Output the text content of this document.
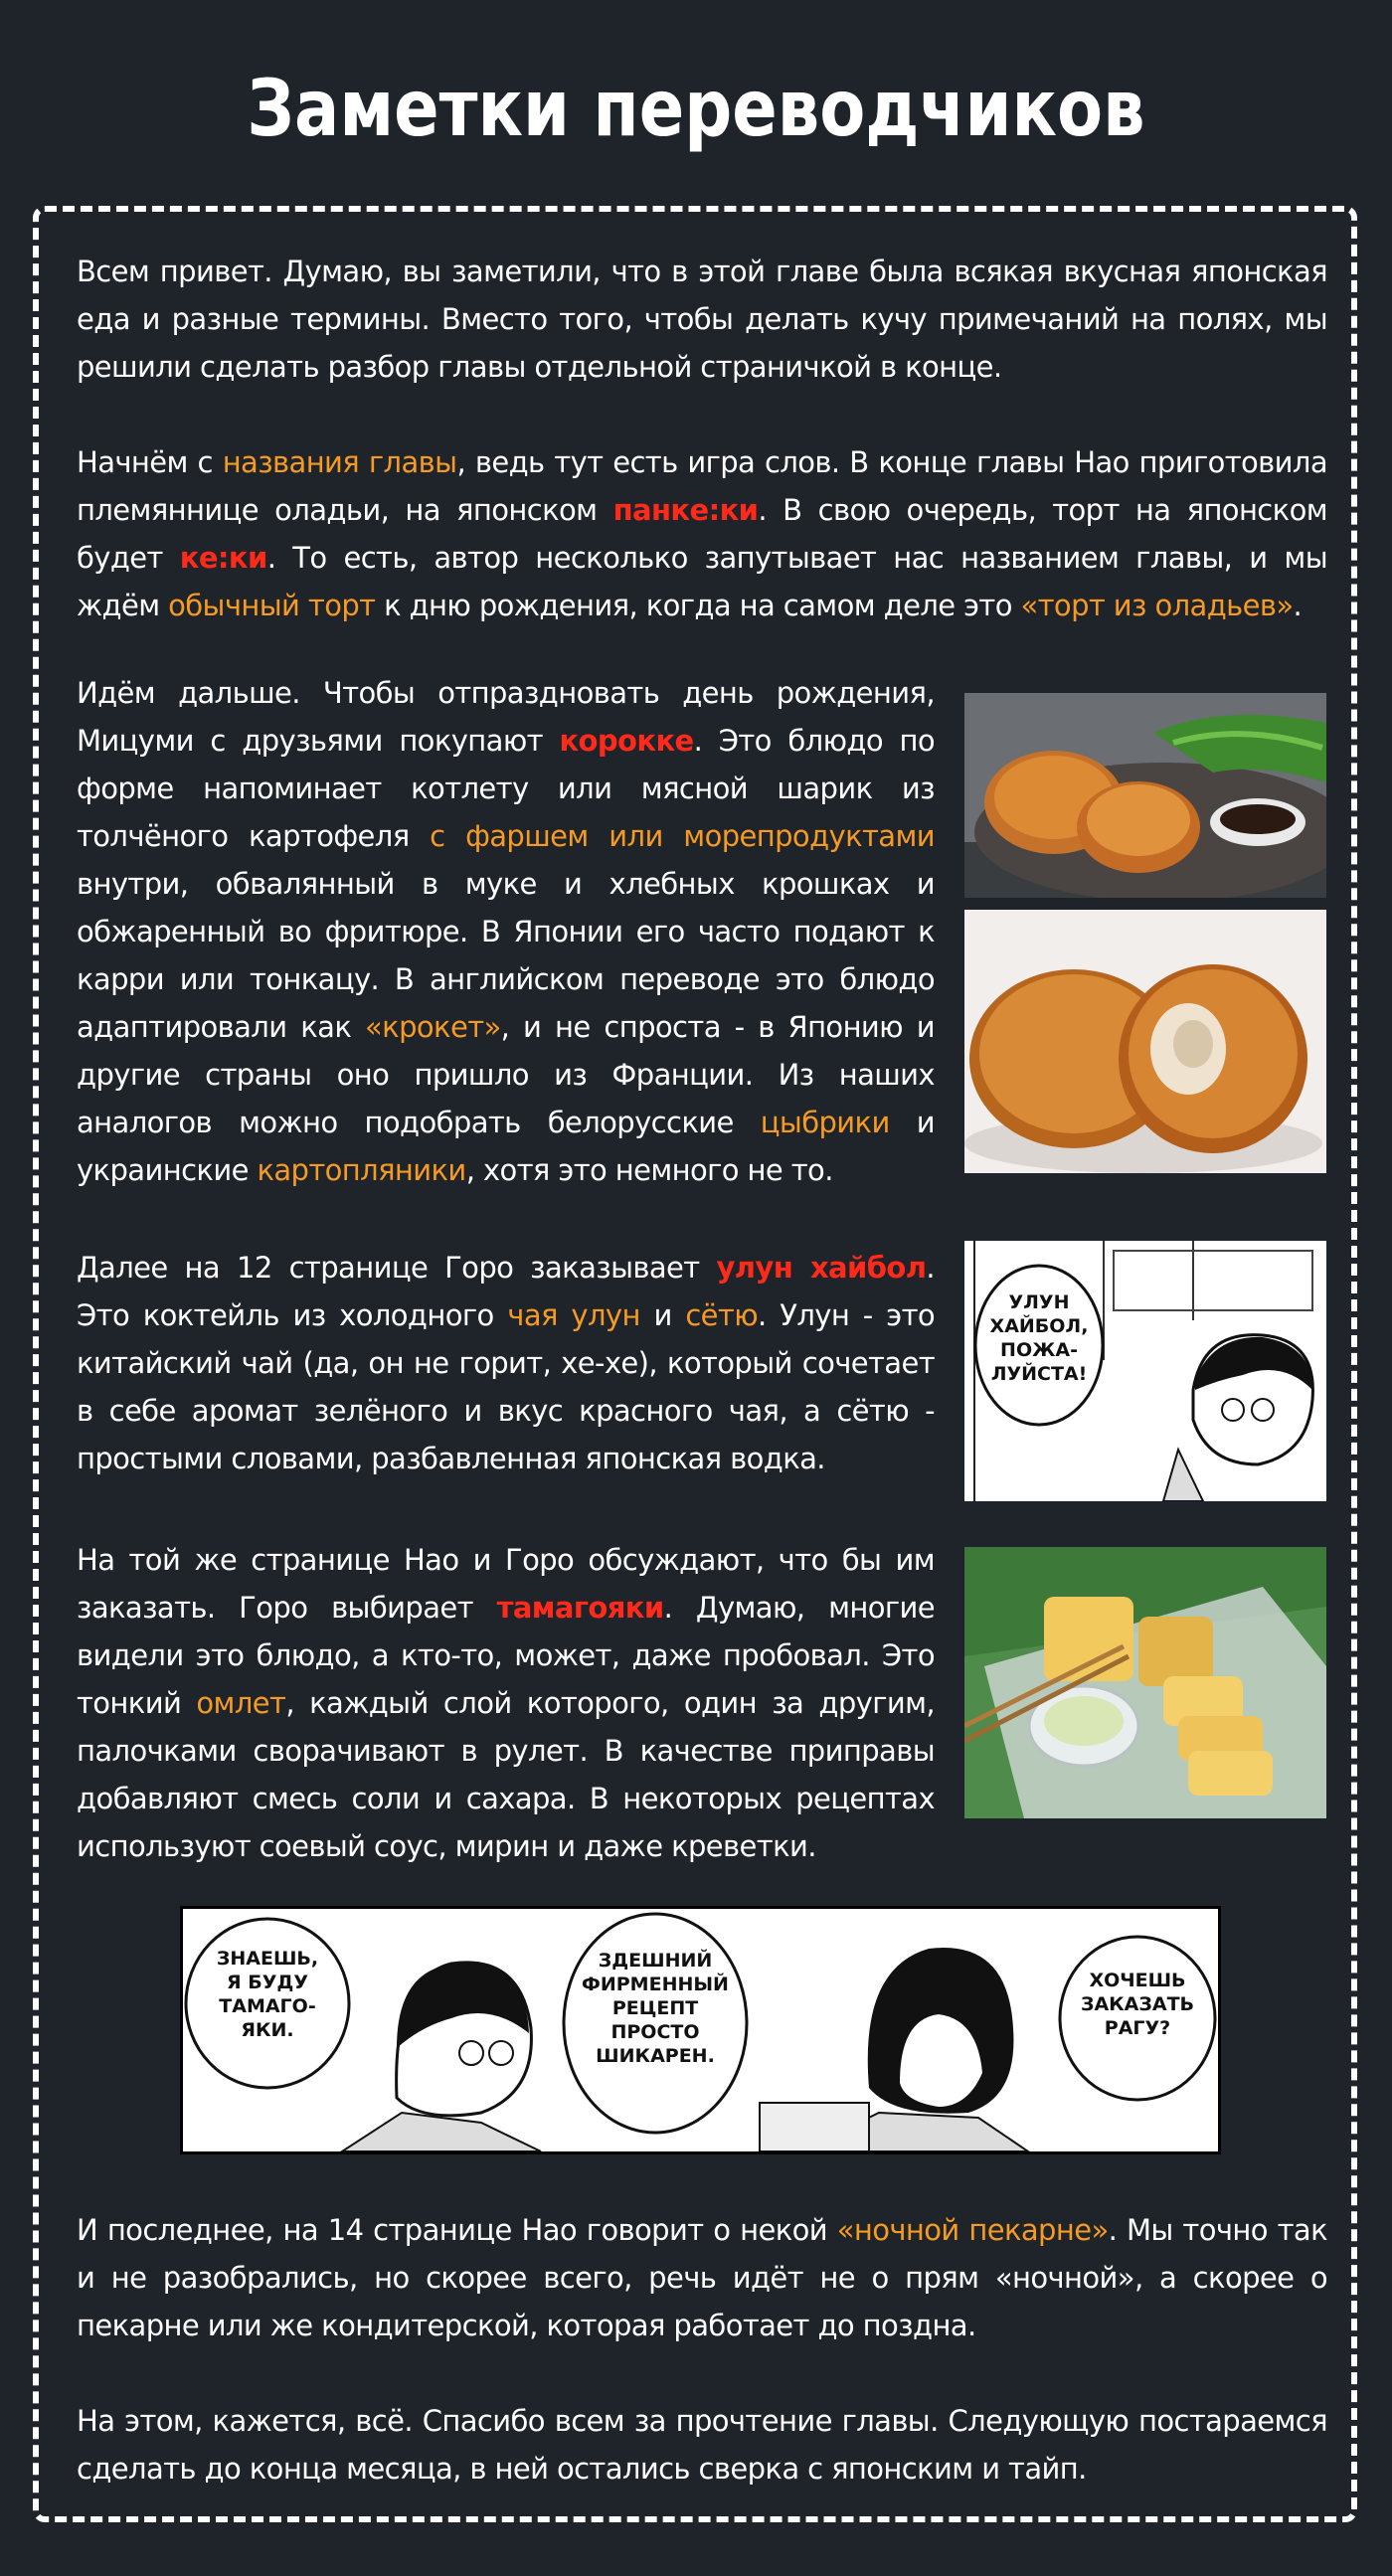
Заметки переводчиков
Всем привет. Думаю, вы заметили, что в этой главе была всякая вкусная японская еда и разные термины. Вместо того, чтобы делать кучу примечаний на полях, мы решили сделать разбор главы отдельной страничкой в конце.
Начнём с названия главы, ведь тут есть игра слов. В конце главы Нао приготовила племяннице оладьи, на японском панке:ки. В свою очередь, торт на японском будет ке:ки. То есть, автор несколько запутывает нас названием главы, и мы ждём обычный торт к дню рождения, когда на самом деле это «торт из оладьев».
Идём дальше. Чтобы отпраздновать день рождения, Мицуми с друзьями покупают корокке. Это блюдо по форме напоминает котлету или мясной шарик из толчёного картофеля с фаршем или морепродуктами внутри, обвалянный в муке и хлебных крошках и обжаренный во фритюре. В Японии его часто подают к карри или тонкацу. В английском переводе это блюдо адаптировали как «крокет», и не спроста - в Японию и другие страны оно пришло из Франции. Из наших аналогов можно подобрать белорусские цыбрики и украинские картопляники, хотя это немного не то.
Далее на 12 странице Горо заказывает улун хайбол. Это коктейль из холодного чая улун и сётю. Улун - это китайский чай (да, он не горит, хе-хе), который сочетает в себе аромат зелёного и вкус красного чая, а сётю - простыми словами, разбавленная японская водка.
УЛУН
ХАЙБОЛ,
ПОЖА-
ЛУЙСТА!
На той же странице Нао и Горо обсуждают, что бы им заказать. Горо выбирает тамагояки. Думаю, многие видели это блюдо, а кто-то, может, даже пробовал. Это тонкий омлет, каждый слой которого, один за другим, палочками сворачивают в рулет. В качестве приправы добавляют смесь соли и сахара. В некоторых рецептах используют соевый соус, мирин и даже креветки.
ЗНАЕШЬ,
Я БУДУ
ТАМАГО-
ЯКИ.
ЗДЕШНИЙ
ФИРМЕННЫЙ
РЕЦЕПТ
ПРОСТО
ШИКАРЕН.
ХОЧЕШЬ
ЗАКАЗАТЬ
РАГУ?
И последнее, на 14 странице Нао говорит о некой «ночной пекарне». Мы точно так и не разобрались, но скорее всего, речь идёт не о прям «ночной», а скорее о пекарне или же кондитерской, которая работает до поздна.
На этом, кажется, всё. Спасибо всем за прочтение главы. Следующую постараемся сделать до конца месяца, в ней остались сверка с японским и тайп.
